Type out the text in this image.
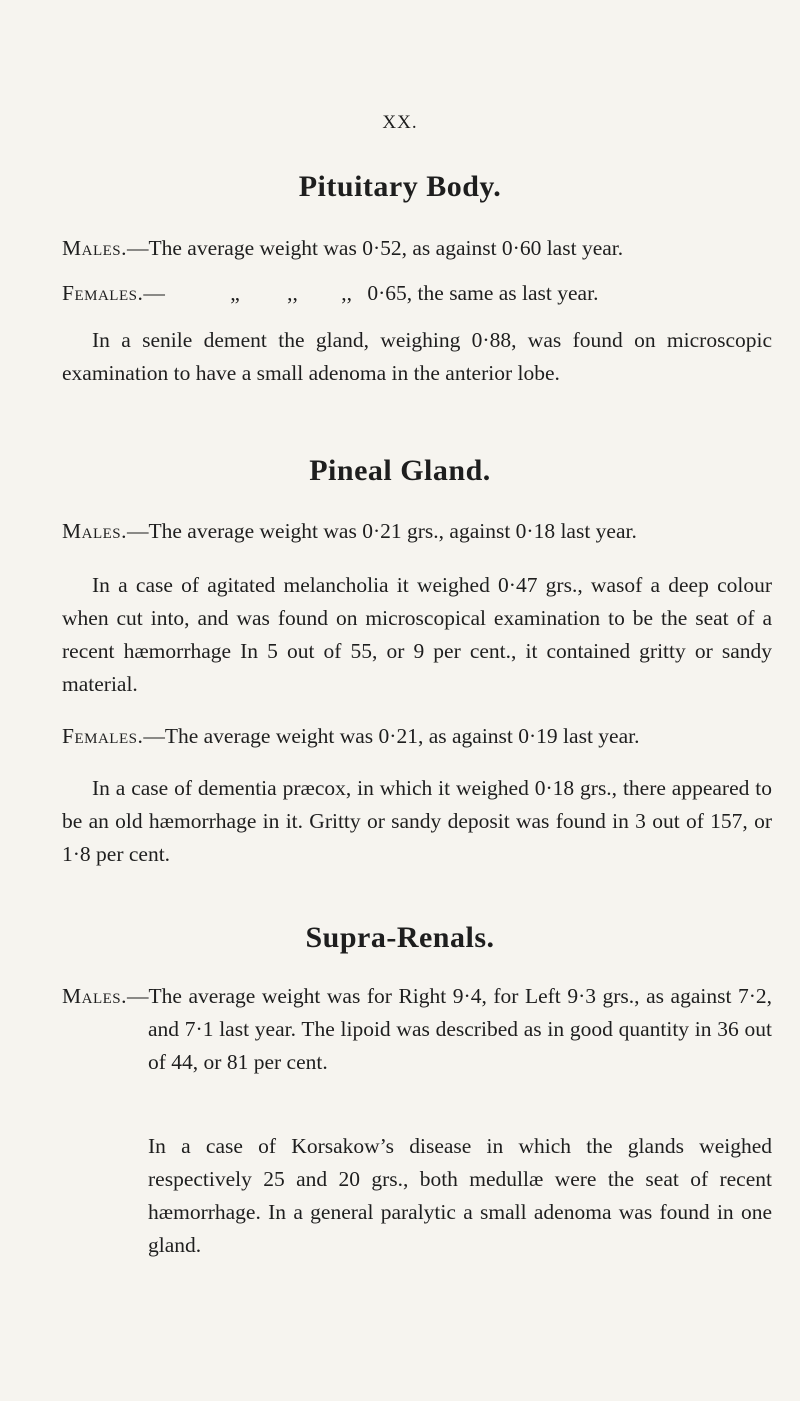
XX.
Pituitary Body.
Males.—The average weight was 0·52, as against 0·60 last year.
Females.—	„ ,, ,, 0·65, the same as last year.
In a senile dement the gland, weighing 0·88, was found on microscopic examination to have a small adenoma in the anterior lobe.
Pineal Gland.
Males.—The average weight was 0·21 grs., against 0·18 last year.
In a case of agitated melancholia it weighed 0·47 grs., wasof a deep colour when cut into, and was found on microscopical examination to be the seat of a recent hæmorrhage In 5 out of 55, or 9 per cent., it contained gritty or sandy material.
Females.—The average weight was 0·21, as against 0·19 last year.
In a case of dementia præcox, in which it weighed 0·18 grs., there appeared to be an old hæmorrhage in it. Gritty or sandy deposit was found in 3 out of 157, or 1·8 per cent.
Supra-Renals.
Males.—The average weight was for Right 9·4, for Left 9·3 grs., as against 7·2, and 7·1 last year. The lipoid was described as in good quantity in 36 out of 44, or 81 per cent.
In a case of Korsakow’s disease in which the glands weighed respectively 25 and 20 grs., both medullæ were the seat of recent hæmorrhage. In a general paralytic a small adenoma was found in one gland.
